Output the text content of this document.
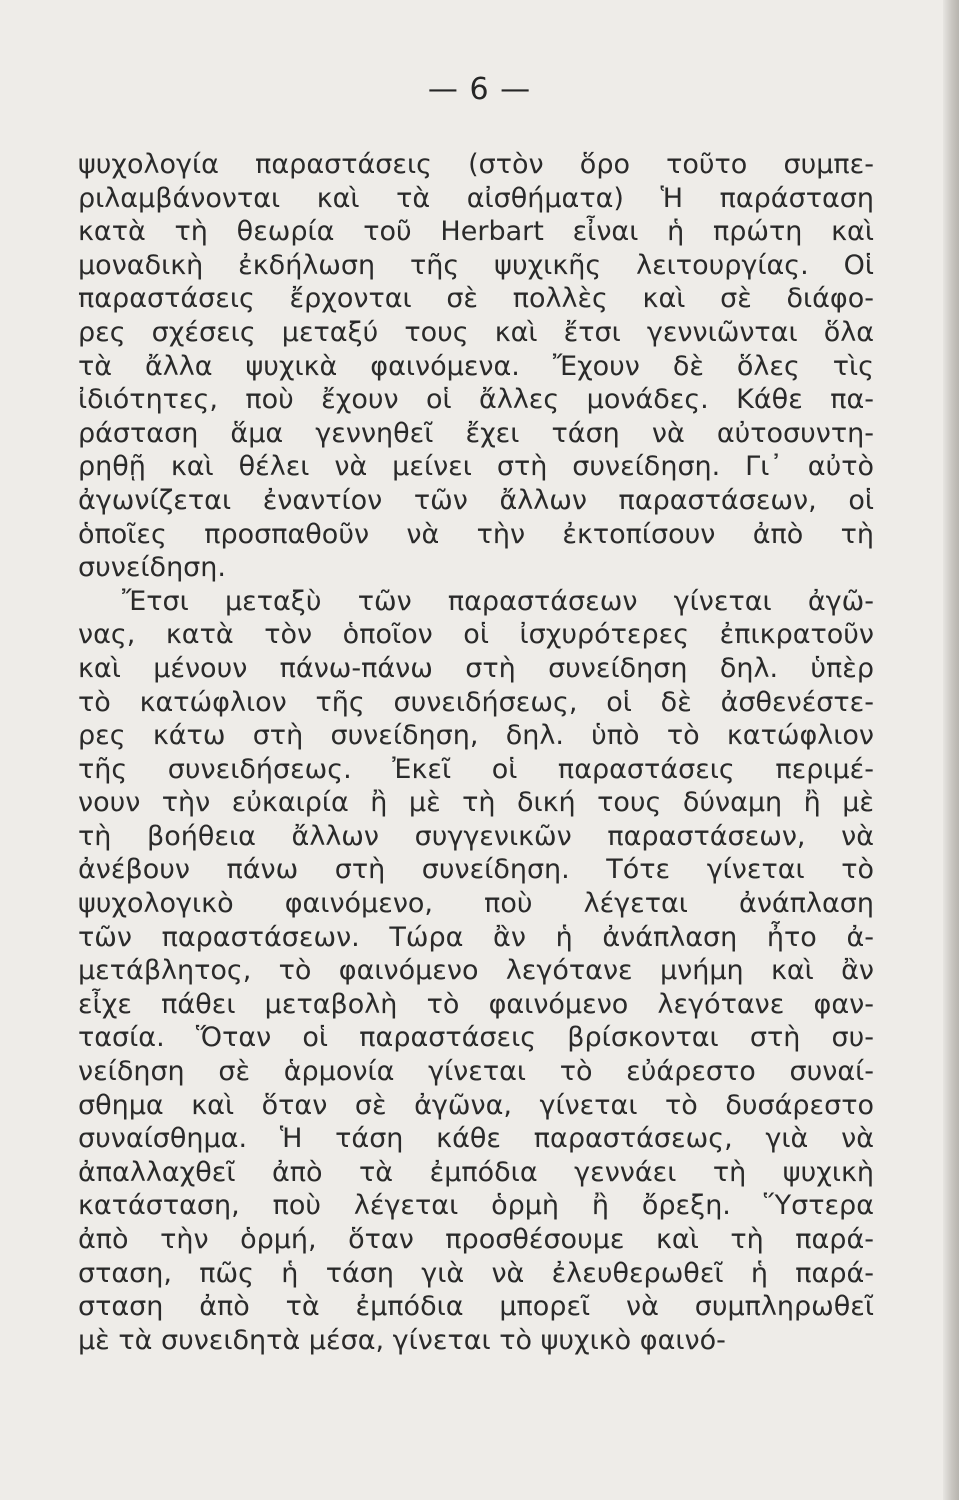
— 6 —
ψυχολογία παραστάσεις (στὸν ὅρο τοῦτο συμπε-
ριλαμβάνονται καὶ τὰ αἰσθήματα) Ἡ παράσταση
κατὰ τὴ θεωρία τοῦ Herbart εἶναι ἡ πρώτη καὶ
μοναδικὴ ἐκδήλωση τῆς ψυχικῆς λειτουργίας. Οἱ
παραστάσεις ἔρχονται σὲ πολλὲς καὶ σὲ διάφο-
ρες σχέσεις μεταξύ τους καὶ ἔτσι γεννιῶνται ὅλα
τὰ ἄλλα ψυχικὰ φαινόμενα. Ἔχουν δὲ ὅλες τὶς
ἰδιότητες, ποὺ ἔχουν οἱ ἄλλες μονάδες. Κάθε πα-
ράσταση ἅμα γεννηθεῖ ἔχει τάση νὰ αὐτοσυντη-
ρηθῇ καὶ θέλει νὰ μείνει στὴ συνείδηση. Γι᾽ αὐτὸ
ἀγωνίζεται ἐναντίον τῶν ἄλλων παραστάσεων, οἱ
ὁποῖες προσπαθοῦν νὰ τὴν ἐκτοπίσουν ἀπὸ τὴ
συνείδηση.
Ἔτσι μεταξὺ τῶν παραστάσεων γίνεται ἀγῶ-
νας, κατὰ τὸν ὁποῖον οἱ ἰσχυρότερες ἐπικρατοῦν
καὶ μένουν πάνω-πάνω στὴ συνείδηση δηλ. ὑπὲρ
τὸ κατώφλιον τῆς συνειδήσεως, οἱ δὲ ἀσθενέστε-
ρες κάτω στὴ συνείδηση, δηλ. ὑπὸ τὸ κατώφλιον
τῆς συνειδήσεως. Ἐκεῖ οἱ παραστάσεις περιμέ-
νουν τὴν εὐκαιρία ἢ μὲ τὴ δική τους δύναμη ἢ μὲ
τὴ βοήθεια ἄλλων συγγενικῶν παραστάσεων, νὰ
ἀνέβουν πάνω στὴ συνείδηση. Τότε γίνεται τὸ
ψυχολογικὸ φαινόμενο, ποὺ λέγεται ἀνάπλαση
τῶν παραστάσεων. Τώρα ἂν ἡ ἀνάπλαση ἦτο ἀ-
μετάβλητος, τὸ φαινόμενο λεγότανε μνήμη καὶ ἂν
εἶχε πάθει μεταβολὴ τὸ φαινόμενο λεγότανε φαν-
τασία. Ὅταν οἱ παραστάσεις βρίσκονται στὴ συ-
νείδηση σὲ ἁρμονία γίνεται τὸ εὐάρεστο συναί-
σθημα καὶ ὅταν σὲ ἀγῶνα, γίνεται τὸ δυσάρεστο
συναίσθημα. Ἡ τάση κάθε παραστάσεως, γιὰ νὰ
ἀπαλλαχθεῖ ἀπὸ τὰ ἐμπόδια γεννάει τὴ ψυχικὴ
κατάσταση, ποὺ λέγεται ὁρμὴ ἢ ὄρεξη. Ὕστερα
ἀπὸ τὴν ὁρμή, ὅταν προσθέσουμε καὶ τὴ παρά-
σταση, πῶς ἡ τάση γιὰ νὰ ἐλευθερωθεῖ ἡ παρά-
σταση ἀπὸ τὰ ἐμπόδια μπορεῖ νὰ συμπληρωθεῖ
μὲ τὰ συνειδητὰ μέσα, γίνεται τὸ ψυχικὸ φαινό-
